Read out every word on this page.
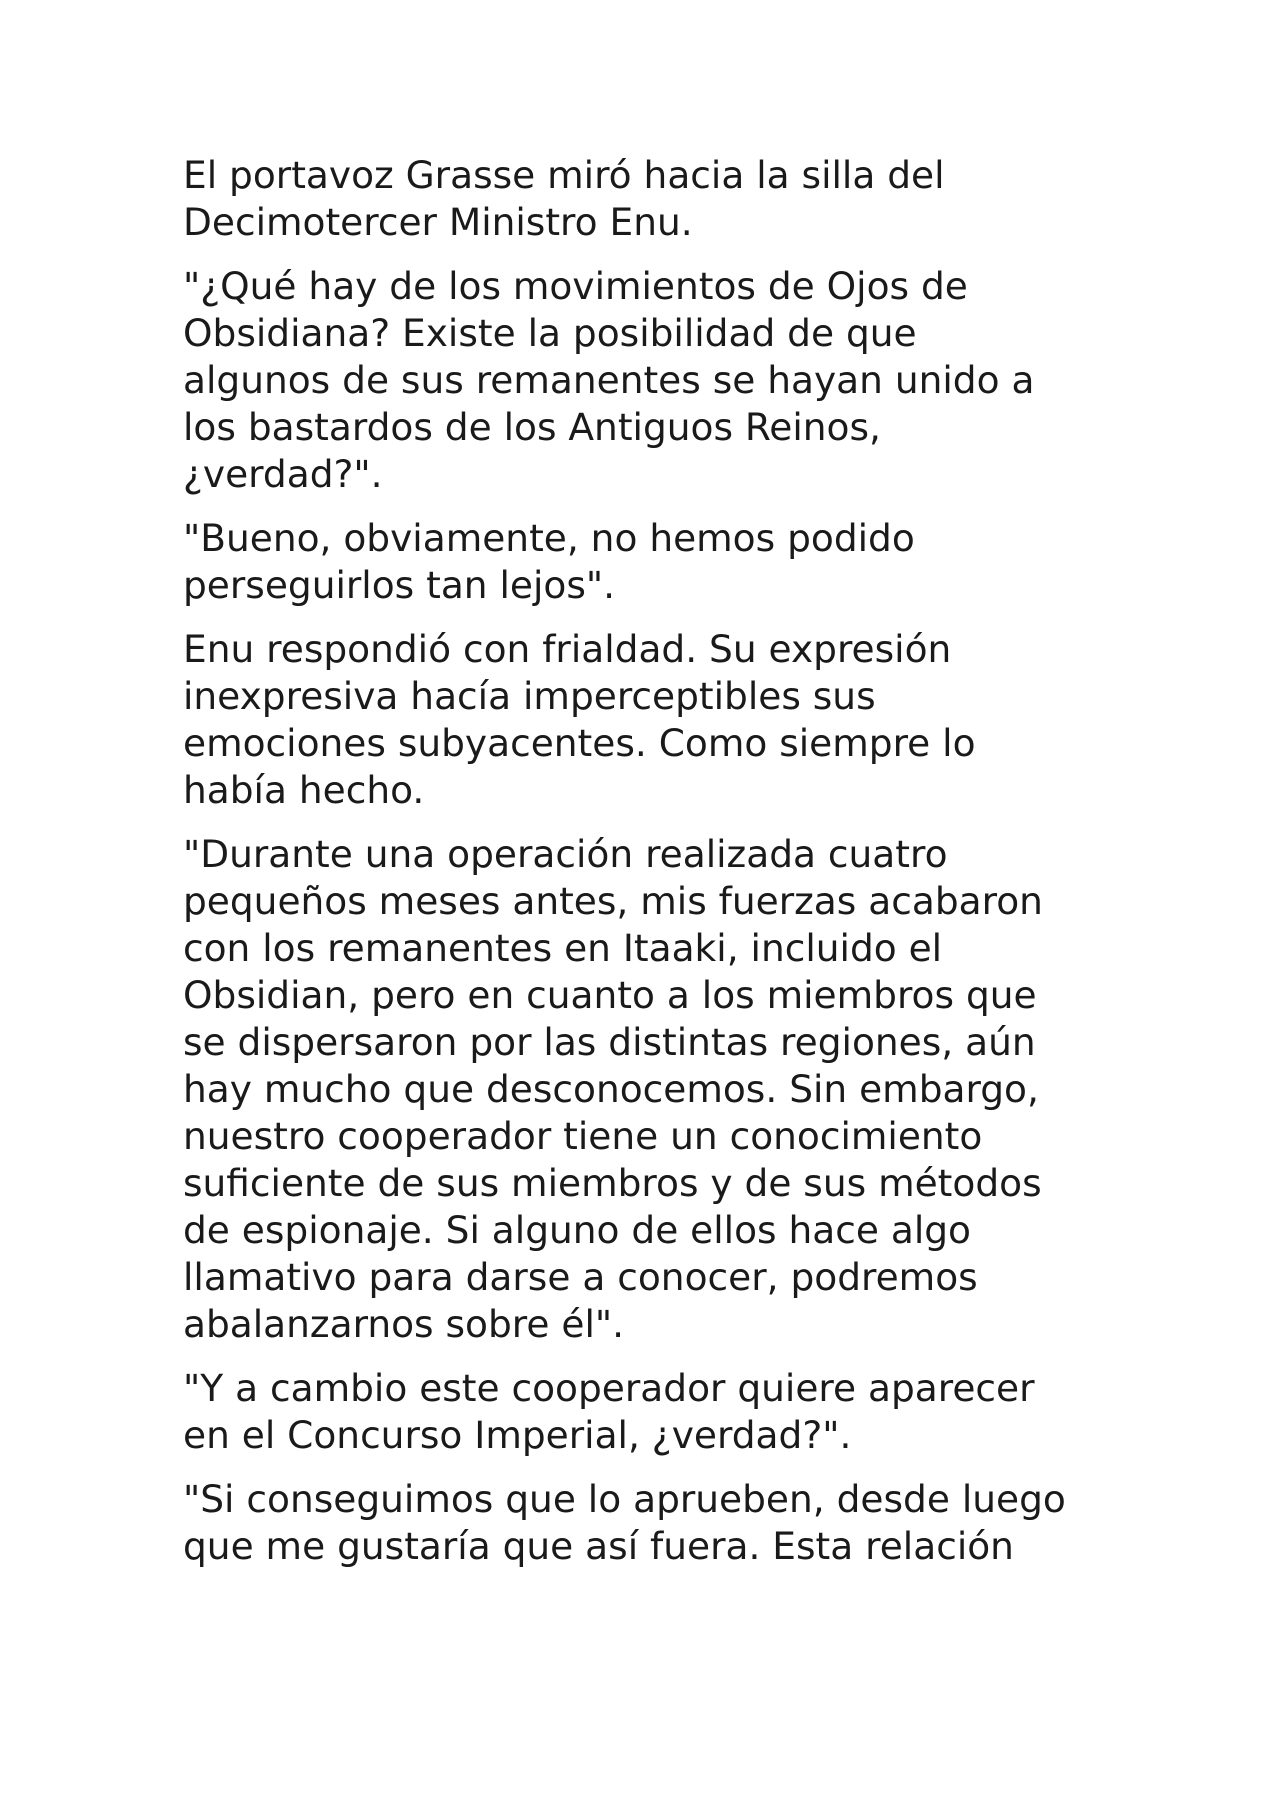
El portavoz Grasse miró hacia la silla del
Decimotercer Ministro Enu.

"¿Qué hay de los movimientos de Ojos de
Obsidiana? Existe la posibilidad de que
algunos de sus remanentes se hayan unido a
los bastardos de los Antiguos Reinos,
¿verdad?".

"Bueno, obviamente, no hemos podido
perseguirlos tan lejos".

Enu respondió con frialdad. Su expresión
inexpresiva hacía imperceptibles sus
emociones subyacentes. Como siempre lo
había hecho.

"Durante una operación realizada cuatro
pequeños meses antes, mis fuerzas acabaron
con los remanentes en Itaaki, incluido el
Obsidian, pero en cuanto a los miembros que
se dispersaron por las distintas regiones, aún
hay mucho que desconocemos. Sin embargo,
nuestro cooperador tiene un conocimiento
suficiente de sus miembros y de sus métodos
de espionaje. Si alguno de ellos hace algo
llamativo para darse a conocer, podremos
abalanzarnos sobre él".

"Y a cambio este cooperador quiere aparecer
en el Concurso Imperial, ¿verdad?".

"Si conseguimos que lo aprueben, desde luego
que me gustaría que así fuera. Esta relación
